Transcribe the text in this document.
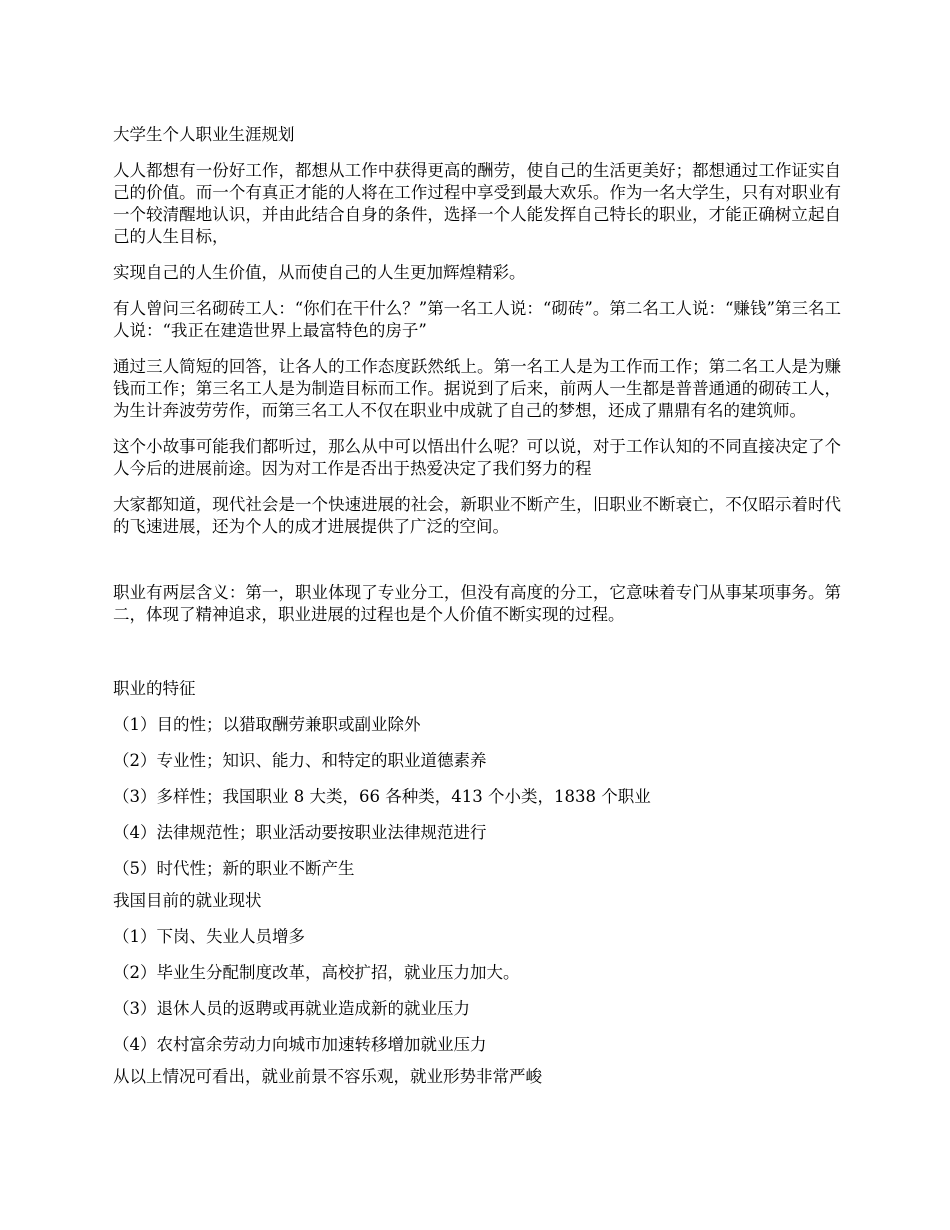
大学生个人职业生涯规划

人人都想有一份好工作，都想从工作中获得更高的酬劳，使自己的生活更美好；都想通过工作证实自己的价值。而一个有真正才能的人将在工作过程中享受到最大欢乐。作为一名大学生，只有对职业有一个较清醒地认识，并由此结合自身的条件，选择一个人能发挥自己特长的职业，才能正确树立起自己的人生目标，

实现自己的人生价值，从而使自己的人生更加辉煌精彩。

有人曾问三名砌砖工人：“你们在干什么？”第一名工人说：“砌砖”。第二名工人说：“赚钱”第三名工人说：“我正在建造世界上最富特色的房子”

通过三人简短的回答，让各人的工作态度跃然纸上。第一名工人是为工作而工作；第二名工人是为赚钱而工作；第三名工人是为制造目标而工作。据说到了后来，前两人一生都是普普通通的砌砖工人，为生计奔波劳劳作，而第三名工人不仅在职业中成就了自己的梦想，还成了鼎鼎有名的建筑师。

这个小故事可能我们都听过，那么从中可以悟出什么呢？可以说，对于工作认知的不同直接决定了个人今后的进展前途。因为对工作是否出于热爱决定了我们努力的程

大家都知道，现代社会是一个快速进展的社会，新职业不断产生，旧职业不断衰亡，不仅昭示着时代的飞速进展，还为个人的成才进展提供了广泛的空间。

职业有两层含义：第一，职业体现了专业分工，但没有高度的分工，它意味着专门从事某项事务。第二，体现了精神追求，职业进展的过程也是个人价值不断实现的过程。

职业的特征

（1）目的性；以猎取酬劳兼职或副业除外

（2）专业性；知识、能力、和特定的职业道德素养

（3）多样性；我国职业 8 大类，66 各种类，413 个小类，1838 个职业

（4）法律规范性；职业活动要按职业法律规范进行

（5）时代性；新的职业不断产生

我国目前的就业现状

（1）下岗、失业人员增多

（2）毕业生分配制度改革，高校扩招，就业压力加大。

（3）退休人员的返聘或再就业造成新的就业压力

（4）农村富余劳动力向城市加速转移增加就业压力

从以上情况可看出，就业前景不容乐观，就业形势非常严峻
